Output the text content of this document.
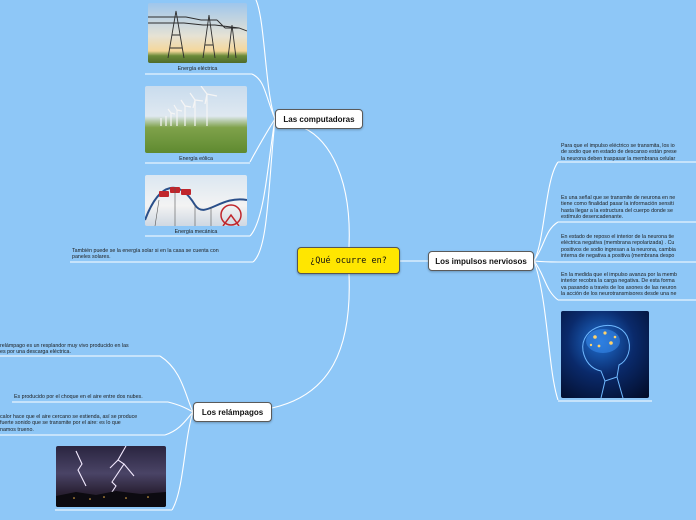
¿Qué ocurre en?
Las computadoras
Los impulsos nerviosos
Los relámpagos
Energía eléctrica
Energía eólica
Energía mecánica
También puede se la energía solar si en la casa se cuenta con
paneles solares.
Para que el impulso eléctrico se transmita, los io
de sodio que en estado de descanso están prese
la neurona deben traspasar la membrana celular
Es una señal que se transmite de neurona en ne
tiene como finalidad pasar la información sensiti
hasta llegar a la estructura del cuerpo donde se
estímulo desencadenante.
En estado de reposo el interior de la neurona tie
eléctrica negativa (membrana repolarizada) . Cu
positivos de sodio ingresan a la neurona, cambia
interna de negativa a positiva (membrana despo
En la medida que el impulso avanza por la memb
interior recobra la carga negativa. De esta forma
va pasando a través de los axones de las neuron
la acción de los neurotransmisores desde una ne
relámpago es un resplandor muy vivo producido en las
es por una descarga eléctrica.
Es producido por el choque en el aire entre dos nubes.
calor hace que el aire cercano se estienda, así se produce
fuerte sonido que se transmite por el aire: es lo que
namos trueno.
